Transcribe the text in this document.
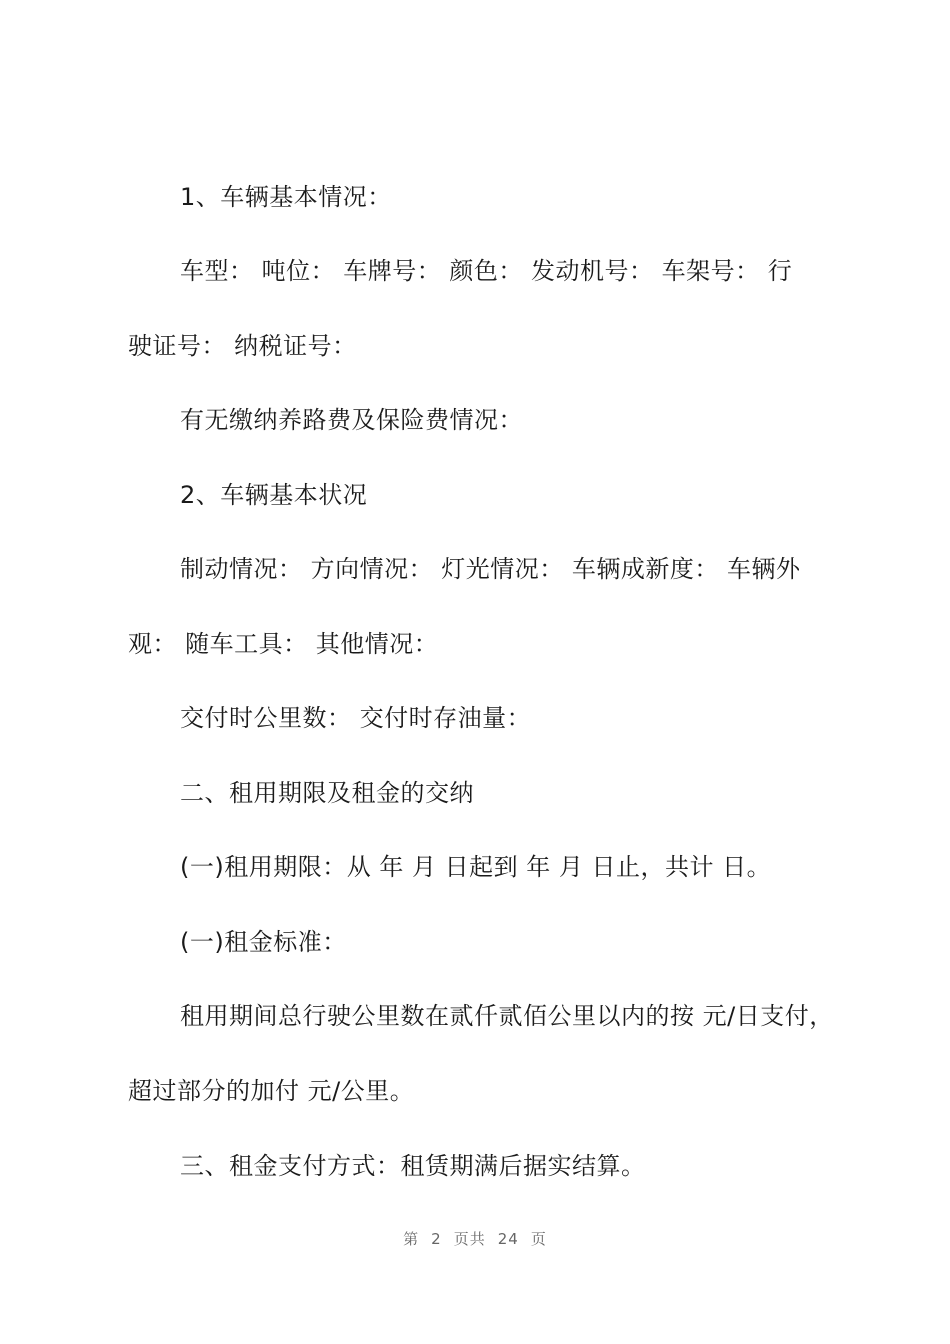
1、车辆基本情况：
车型： 吨位： 车牌号： 颜色： 发动机号： 车架号： 行
驶证号： 纳税证号：
有无缴纳养路费及保险费情况：
2、车辆基本状况
制动情况： 方向情况： 灯光情况： 车辆成新度： 车辆外
观： 随车工具： 其他情况：
交付时公里数： 交付时存油量：
二、租用期限及租金的交纳
(一)租用期限：从 年 月 日起到 年 月 日止，共计 日。
(一)租金标准：
租用期间总行驶公里数在贰仟贰佰公里以内的按 元/日支付，
超过部分的加付 元/公里。
三、租金支付方式：租赁期满后据实结算。
第 2 页共 24 页
